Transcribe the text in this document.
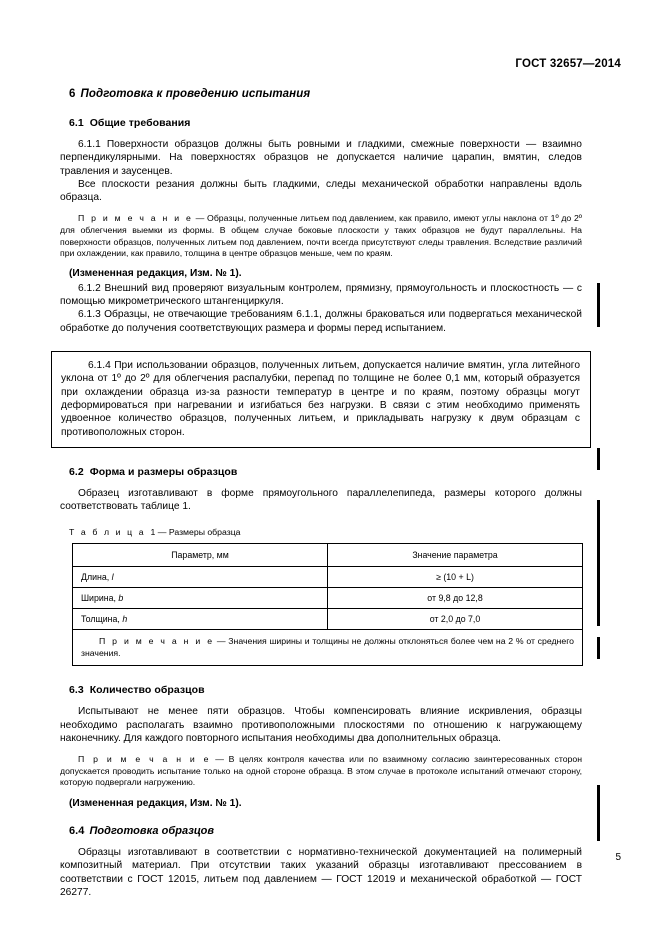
ГОСТ 32657—2014
6 Подготовка к проведению испытания
6.1 Общие требования

6.1.1 Поверхности образцов должны быть ровными и гладкими, смежные поверхности — взаимно перпендикулярными. На поверхностях образцов не допускается наличие царапин, вмятин, следов травления и заусенцев.

Все плоскости резания должны быть гладкими, следы механической обработки направлены вдоль образца.

П р и м е ч а н и е — Образцы, полученные литьем под давлением, как правило, имеют углы наклона от 1º до 2º для облегчения выемки из формы. В общем случае боковые плоскости у таких образцов не будут параллельны. На поверхности образцов, полученных литьем под давлением, почти всегда присутствуют следы травления. Вследствие различий при охлаждении, как правило, толщина в центре образцов меньше, чем по краям.

(Измененная редакция, Изм. № 1).

6.1.2 Внешний вид проверяют визуальным контролем, прямизну, прямоугольность и плоскостность — с помощью микрометрического штангенциркуля.

6.1.3 Образцы, не отвечающие требованиям 6.1.1, должны браковаться или подвергаться механической обработке до получения соответствующих размера и формы перед испытанием.

6.1.4 При использовании образцов, полученных литьем, допускается наличие вмятин, угла литейного уклона от 1º до 2º для облегчения распалубки, перепад по толщине не более 0,1 мм, который образуется при охлаждении образца из-за разности температур в центре и по краям, поэтому образцы могут деформироваться при нагревании и изгибаться без нагрузки. В связи с этим необходимо применять удвоенное количество образцов, полученных литьем, и прикладывать нагрузку к двум образцам с противоположных сторон.

6.2 Форма и размеры образцов

Образец изготавливают в форме прямоугольного параллелепипеда, размеры которого должны соответствовать таблице 1.

Т а б л и ц а 1 — Размеры образца
Параметр, мм	Значение параметра
Длина, l	≥ (10 + L)
Ширина, b	от 9,8 до 12,8
Толщина, h	от 2,0 до 7,0
П р и м е ч а н и е — Значения ширины и толщины не должны отклоняться более чем на 2 % от среднего значения.	
6.3 Количество образцов

Испытывают не менее пяти образцов. Чтобы компенсировать влияние искривления, образцы необходимо располагать взаимно противоположными плоскостями по отношению к нагружающему наконечнику. Для каждого повторного испытания необходимы два дополнительных образца.

П р и м е ч а н и е — В целях контроля качества или по взаимному согласию заинтересованных сторон допускается проводить испытание только на одной стороне образца. В этом случае в протоколе испытаний отмечают сторону, которую подвергали нагружению.

(Измененная редакция, Изм. № 1).

6.4 Подготовка образцов

Образцы изготавливают в соответствии с нормативно-технической документацией на полимерный композитный материал. При отсутствии таких указаний образцы изготавливают прессованием в соответствии с ГОСТ 12015, литьем под давлением — ГОСТ 12019 и механической обработкой — ГОСТ 26277.

5
